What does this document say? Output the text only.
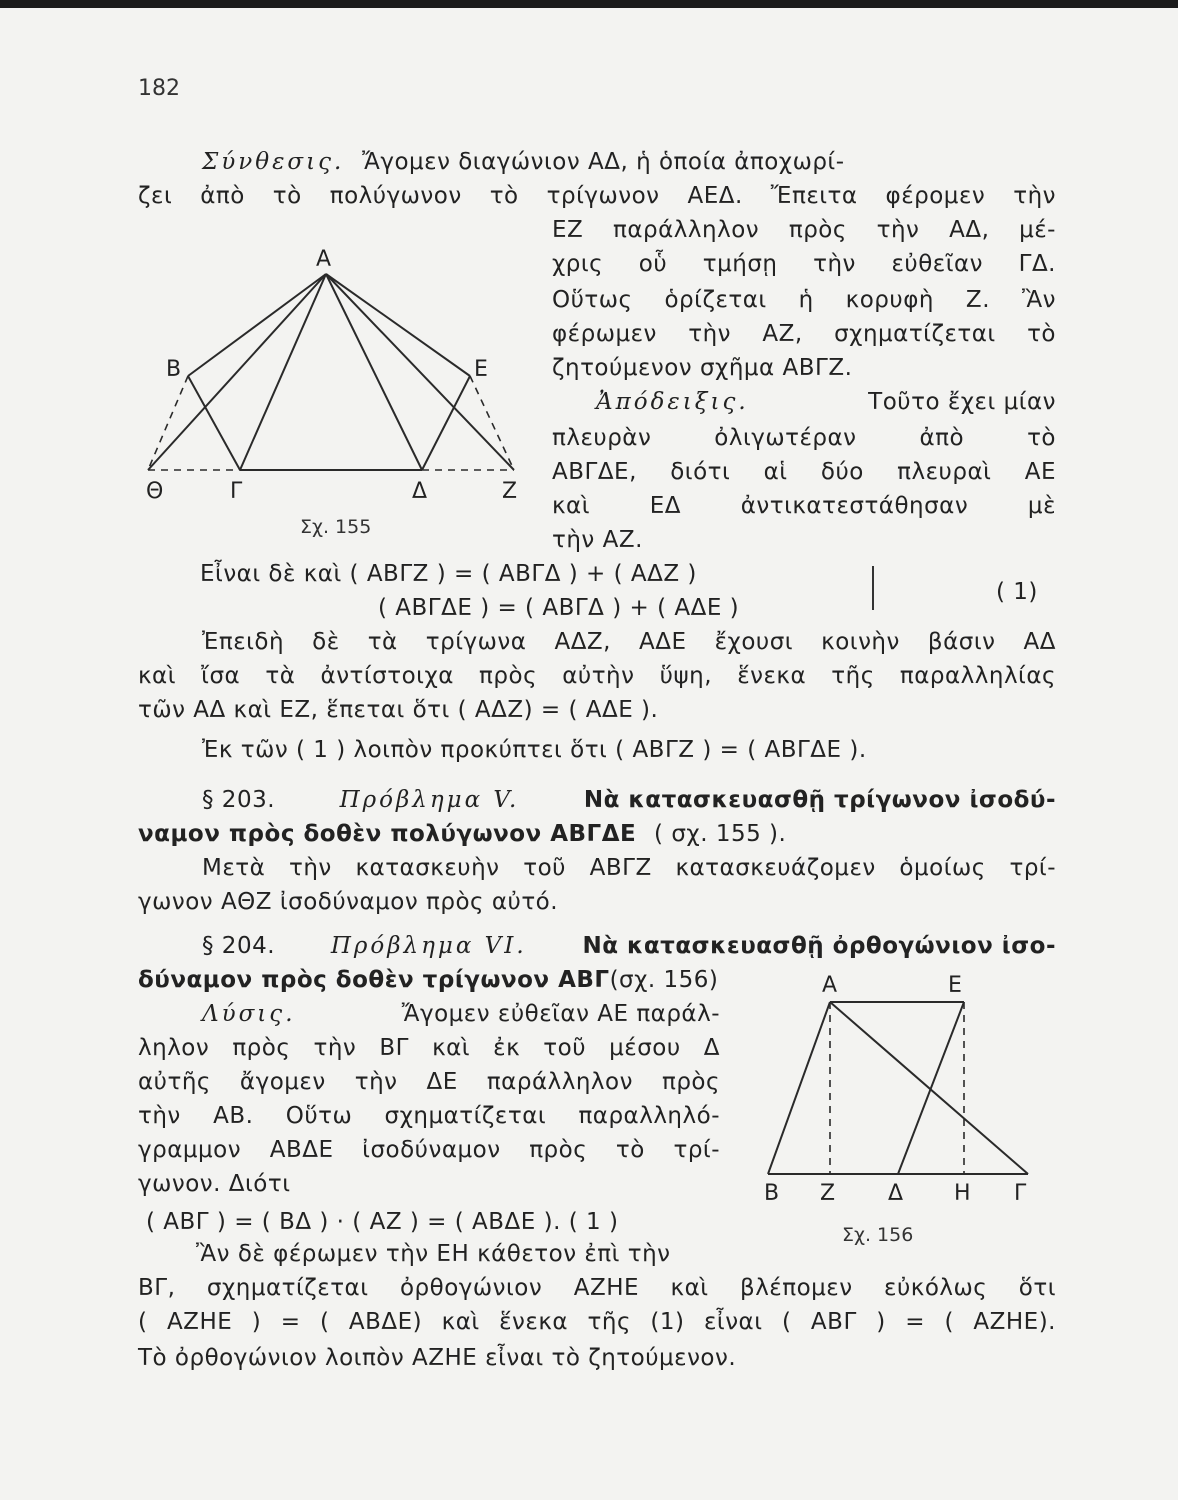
182
Σύνθεσις. Ἄγομεν διαγώνιον ΑΔ, ἡ ὁποία ἀποχωρί-
ζει ἀπὸ τὸ πολύγωνον τὸ τρίγωνον ΑΕΔ. Ἔπειτα φέρομεν τὴν
ΕΖ παράλληλον πρὸς τὴν ΑΔ, μέ-
χρις οὗ τμήσῃ τὴν εὐθεῖαν ΓΔ.
Οὕτως ὁρίζεται ἡ κορυφὴ Ζ. Ἂν
φέρωμεν τὴν ΑΖ, σχηματίζεται τὸ
ζητούμενον σχῆμα ΑΒΓΖ.
Ἀπόδειξις.	Τοῦτο ἔχει μίαν
πλευρὰν ὀλιγωτέραν ἀπὸ τὸ
ΑΒΓΔΕ, διότι αἱ δύο πλευραὶ ΑΕ
καὶ ΕΔ ἀντικατεστάθησαν μὲ
τὴν ΑΖ.
Α
Β	Ε
Θ	Γ	Δ	Ζ
Σχ. 155
Εἶναι δὲ καὶ ( ΑΒΓΖ ) = ( ΑΒΓΔ ) + ( ΑΔΖ )
( ΑΒΓΔΕ ) = ( ΑΒΓΔ ) + ( ΑΔΕ )
( 1)
Ἐπειδὴ δὲ τὰ τρίγωνα ΑΔΖ, ΑΔΕ ἔχουσι κοινὴν βάσιν ΑΔ
καὶ ἴσα τὰ ἀντίστοιχα πρὸς αὐτὴν ὕψη, ἕνεκα τῆς παραλληλίας
τῶν ΑΔ καὶ ΕΖ, ἕπεται ὅτι ( ΑΔΖ) = ( ΑΔΕ ).
Ἐκ τῶν ( 1 ) λοιπὸν προκύπτει ὅτι ( ΑΒΓΖ ) = ( ΑΒΓΔΕ ).
§ 203.	Πρόβλημα V.	Νὰ κατασκευασθῇ τρίγωνον ἰσοδύ-
ναμον πρὸς δοθὲν πολύγωνον ΑΒΓΔΕ ( σχ. 155 ).
Μετὰ τὴν κατασκευὴν τοῦ ΑΒΓΖ κατασκευάζομεν ὁμοίως τρί-
γωνον ΑΘΖ ἰσοδύναμον πρὸς αὐτό.
§ 204. Πρόβλημα VI. Νὰ κατασκευασθῇ ὀρθογώνιον ἰσο-
δύναμον πρὸς δοθὲν τρίγωνον ΑΒΓ(σχ. 156)
Λύσις.	Ἄγομεν εὐθεῖαν ΑΕ παράλ-
ληλον πρὸς τὴν ΒΓ καὶ ἐκ τοῦ μέσου Δ
αὐτῆς ἄγομεν τὴν ΔΕ παράλληλον πρὸς
τὴν ΑΒ. Οὕτω σχηματίζεται παραλληλό-
γραμμον ΑΒΔΕ ἰσοδύναμον πρὸς τὸ τρί-
γωνον. Διότι
( ΑΒΓ ) = ( ΒΔ ) · ( ΑΖ ) = ( ΑΒΔΕ ). ( 1 )
Ἂν δὲ φέρωμεν τὴν ΕΗ κάθετον ἐπὶ τὴν
Α	Ε
Β Ζ Δ Η Γ
Σχ. 156
ΒΓ, σχηματίζεται ὀρθογώνιον ΑΖΗΕ καὶ βλέπομεν εὐκόλως ὅτι
( ΑΖΗΕ ) = ( ΑΒΔΕ) καὶ ἕνεκα τῆς (1) εἶναι ( ΑΒΓ ) = ( ΑΖΗΕ).
Τὸ ὀρθογώνιον λοιπὸν ΑΖΗΕ εἶναι τὸ ζητούμενον.
